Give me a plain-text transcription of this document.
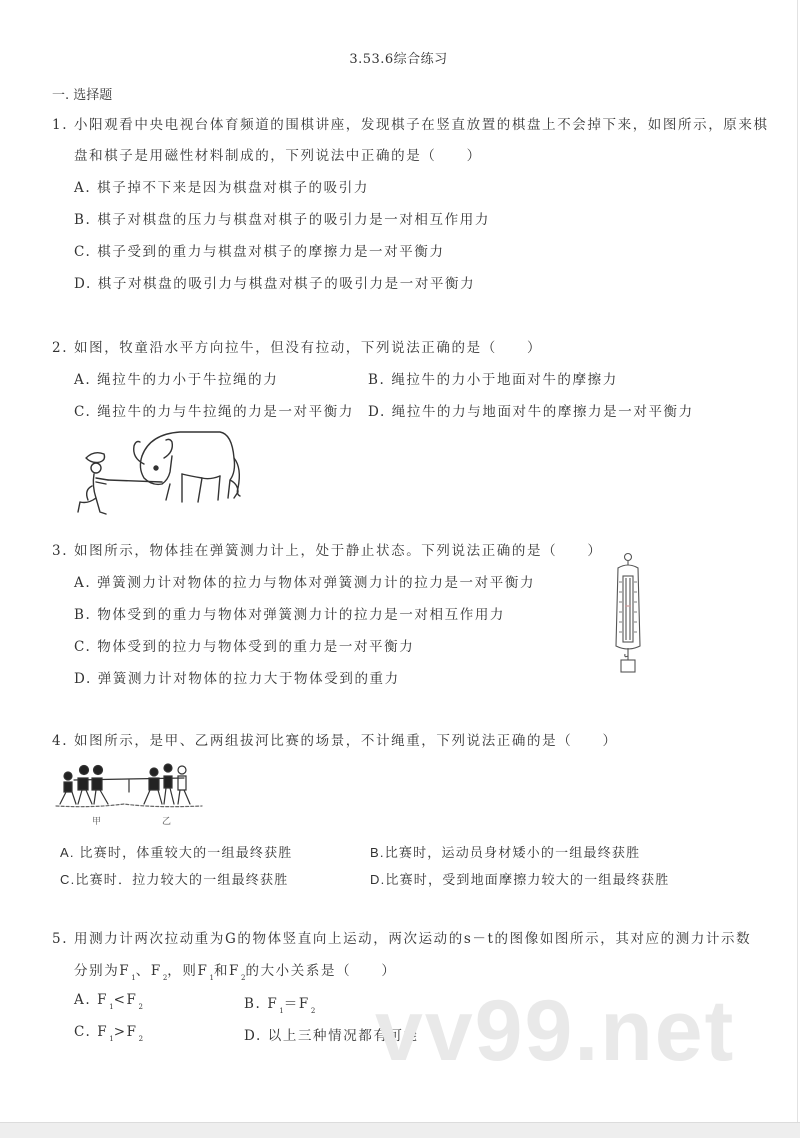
3.53.6综合练习
一. 选择题
1. 小阳观看中央电视台体育频道的围棋讲座，发现棋子在竖直放置的棋盘上不会掉下来，如图所示，原来棋
盘和棋子是用磁性材料制成的，下列说法中正确的是（　　）
A. 棋子掉不下来是因为棋盘对棋子的吸引力
B. 棋子对棋盘的压力与棋盘对棋子的吸引力是一对相互作用力
C. 棋子受到的重力与棋盘对棋子的摩擦力是一对平衡力
D. 棋子对棋盘的吸引力与棋盘对棋子的吸引力是一对平衡力
2. 如图，牧童沿水平方向拉牛，但没有拉动，下列说法正确的是（　　）
A. 绳拉牛的力小于牛拉绳的力	B. 绳拉牛的力小于地面对牛的摩擦力
C. 绳拉牛的力与牛拉绳的力是一对平衡力 D. 绳拉牛的力与地面对牛的摩擦力是一对平衡力
3. 如图所示，物体挂在弹簧测力计上，处于静止状态。下列说法正确的是（　　）
A. 弹簧测力计对物体的拉力与物体对弹簧测力计的拉力是一对平衡力
B. 物体受到的重力与物体对弹簧测力计的拉力是一对相互作用力
C. 物体受到的拉力与物体受到的重力是一对平衡力
D. 弹簧测力计对物体的拉力大于物体受到的重力
4. 如图所示，是甲、乙两组拔河比赛的场景，不计绳重，下列说法正确的是（　　）
甲	乙
A. 比赛时，体重较大的一组最终获胜	B.比赛时，运动员身材矮小的一组最终获胜
C.比赛时．拉力较大的一组最终获胜	D.比赛时，受到地面摩擦力较大的一组最终获胜
5. 用测力计两次拉动重为G的物体竖直向上运动，两次运动的s－t的图像如图所示，其对应的测力计示数
分别为$F_1$、$F_2$，则$F_1$和$F_2$的大小关系是（　　）
A. $F_1<F_2$	B. $F_1=F_2$
C. $F_1>F_2$	D. 以上三种情况都有可能
vv99.net
